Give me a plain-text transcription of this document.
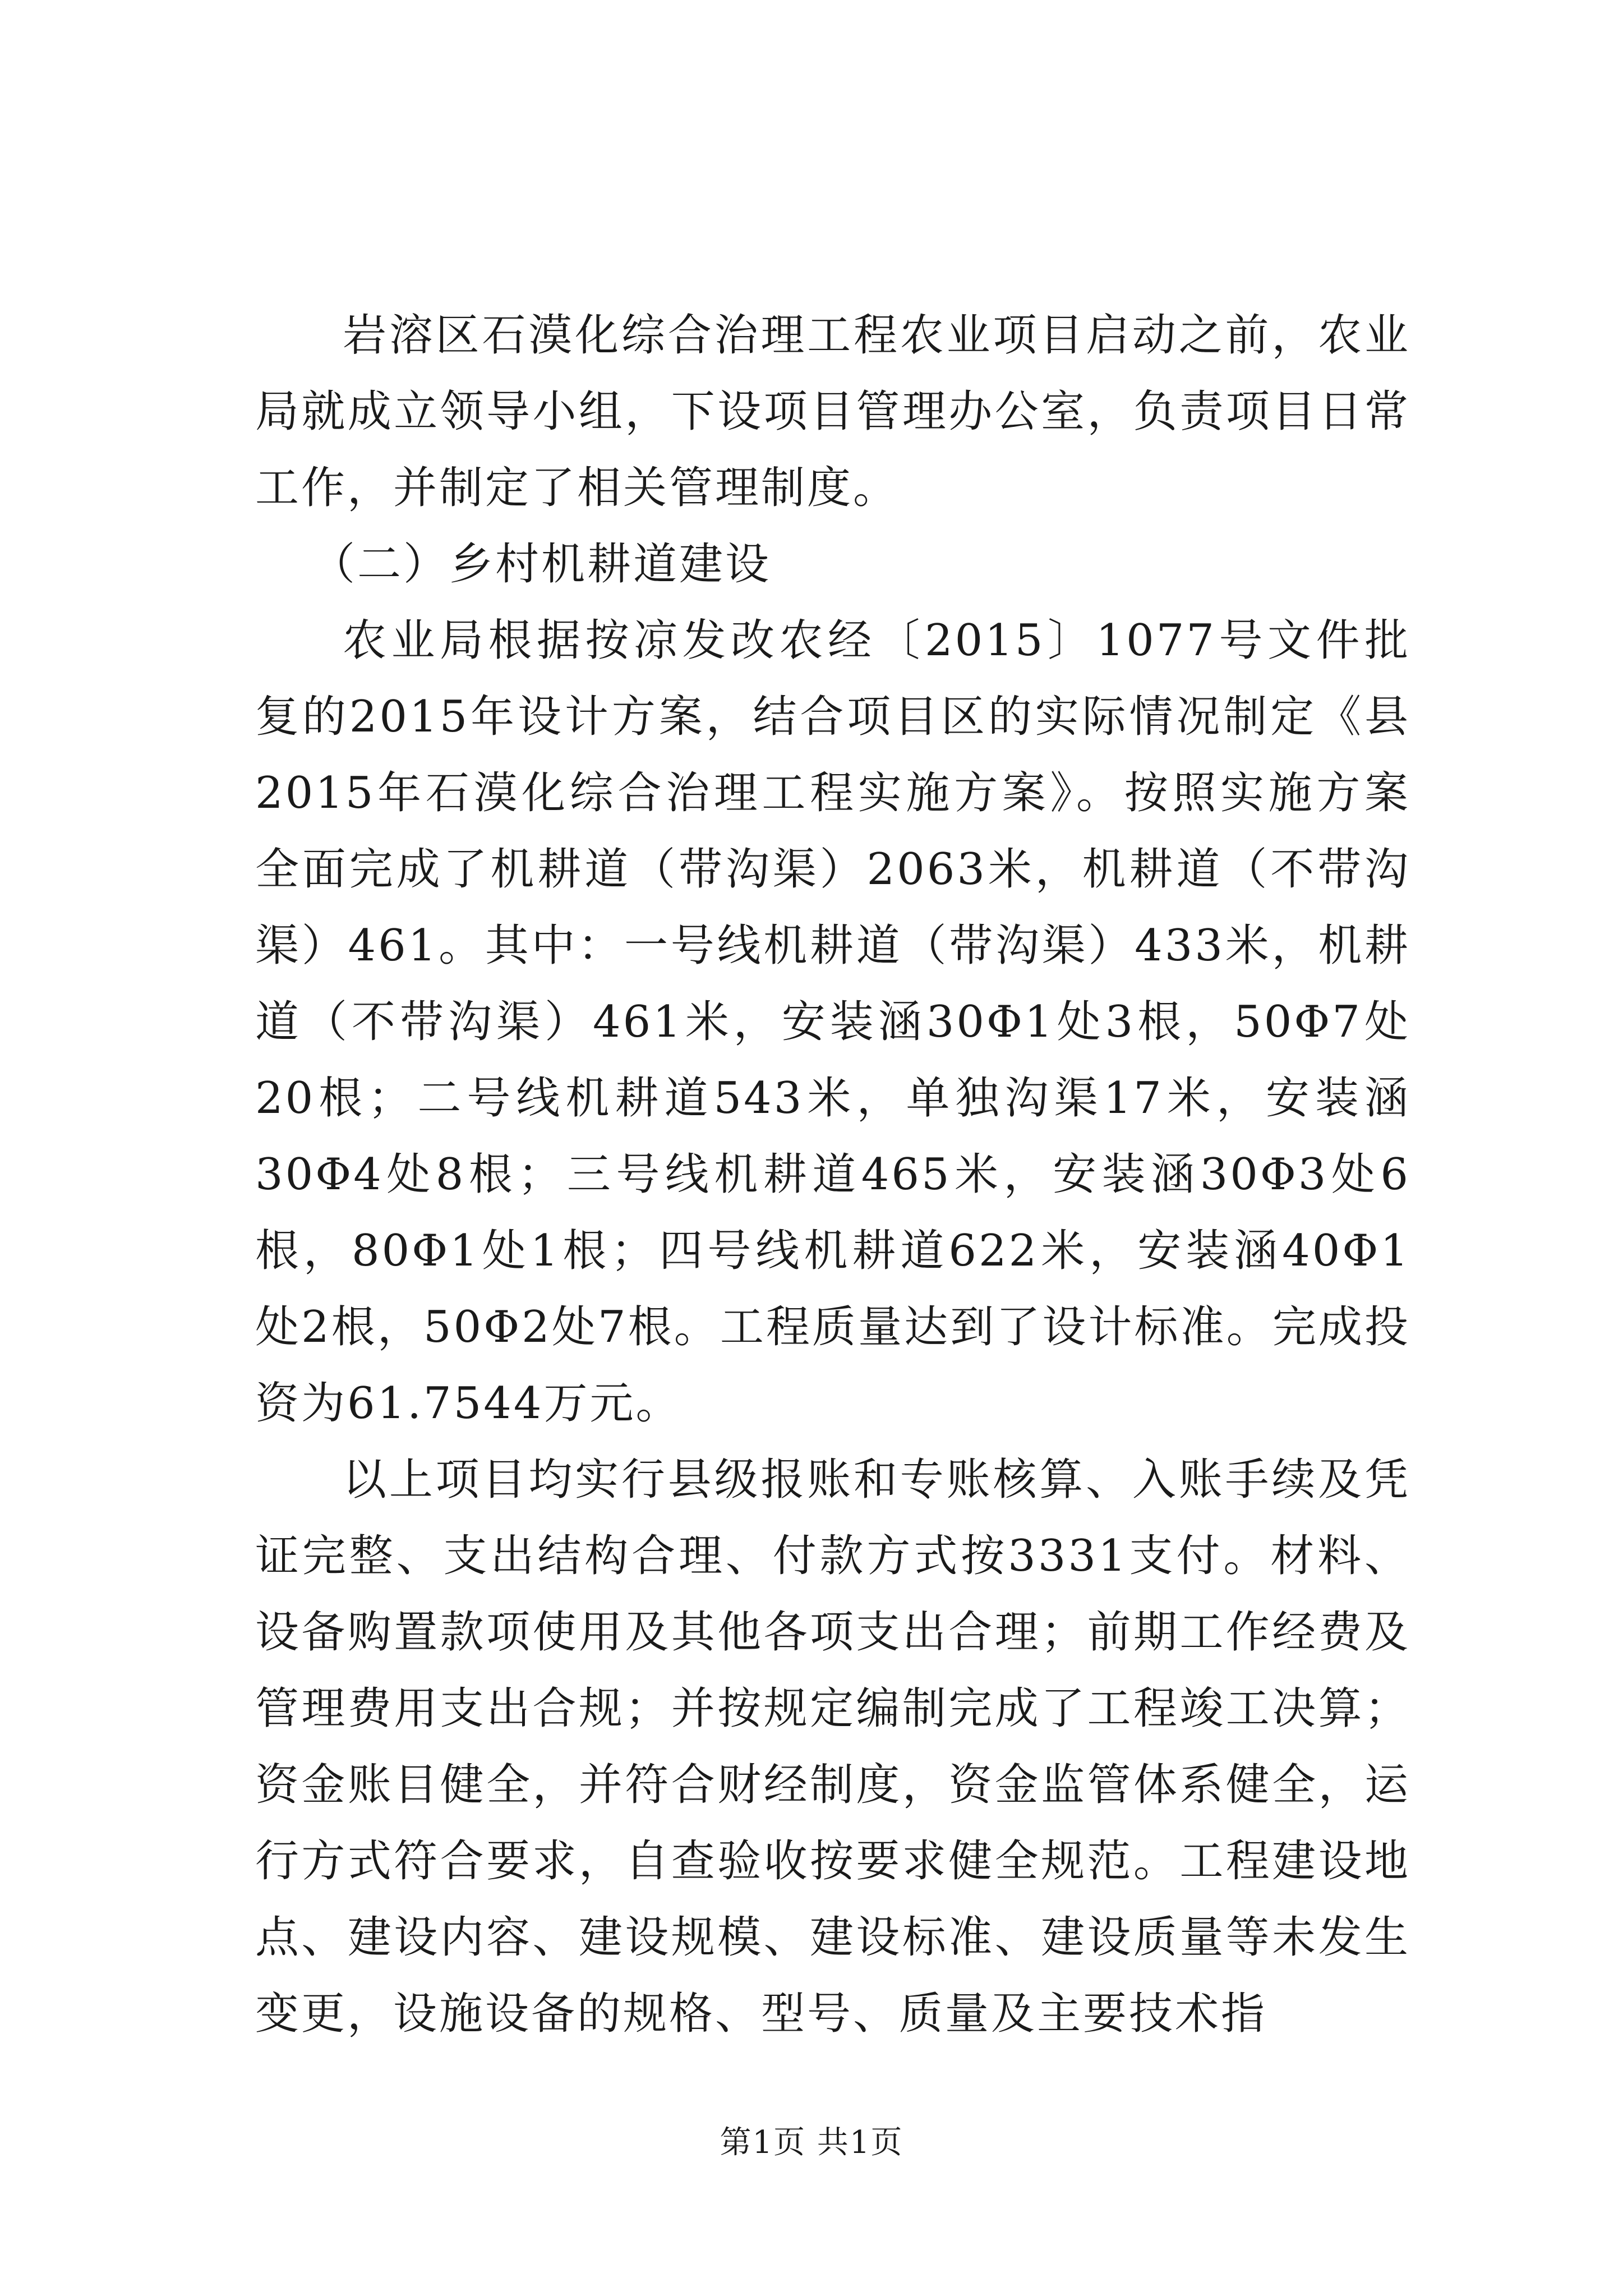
岩溶区石漠化综合治理工程农业项目启动之前，农业局就成立领导小组，下设项目管理办公室，负责项目日常工作，并制定了相关管理制度。

（二）乡村机耕道建设

农业局根据按凉发改农经〔2015〕1077号文件批复的2015年设计方案，结合项目区的实际情况制定《县2015年石漠化综合治理工程实施方案》。按照实施方案全面完成了机耕道（带沟渠）2063米，机耕道（不带沟渠）461。其中：一号线机耕道（带沟渠）433米，机耕道（不带沟渠）461米，安装涵30Φ1处3根，50Φ7处20根；二号线机耕道543米，单独沟渠17米，安装涵30Φ4处8根；三号线机耕道465米，安装涵30Φ3处6根，80Φ1处1根；四号线机耕道622米，安装涵40Φ1处2根，50Φ2处7根。工程质量达到了设计标准。完成投资为61.7544万元。

以上项目均实行县级报账和专账核算、入账手续及凭证完整、支出结构合理、付款方式按3331支付。材料、设备购置款项使用及其他各项支出合理；前期工作经费及管理费用支出合规；并按规定编制完成了工程竣工决算；资金账目健全，并符合财经制度，资金监管体系健全，运行方式符合要求，自查验收按要求健全规范。工程建设地点、建设内容、建设规模、建设标准、建设质量等未发生变更，设施设备的规格、型号、质量及主要技术指

第1页 共1页
